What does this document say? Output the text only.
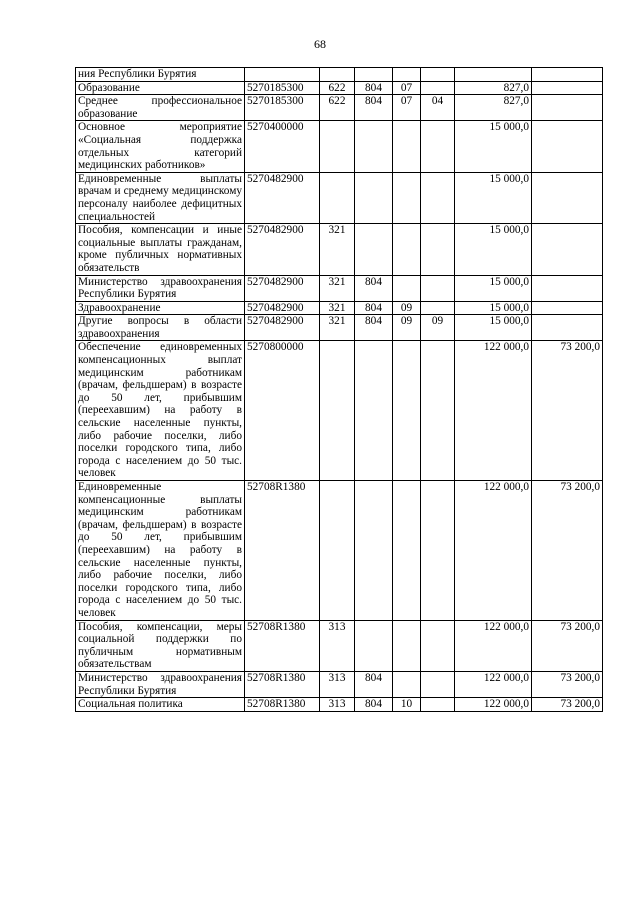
68
ния Республики Бурятия							
Образование	5270185300	622	804	07		827,0	
Среднее профессиональное образование	5270185300	622	804	07	04	827,0	
Основное мероприятие «Социальная поддержка отдельных категорий медицинских работников»	5270400000					15 000,0	
Единовременные выплаты врачам и среднему медицинскому персоналу наиболее дефицитных специальностей	5270482900					15 000,0	
Пособия, компенсации и иные социальные выплаты гражданам, кроме публичных нормативных обязательств	5270482900	321				15 000,0	
Министерство здравоохранения Республики Бурятия	5270482900	321	804			15 000,0	
Здравоохранение	5270482900	321	804	09		15 000,0	
Другие вопросы в области здравоохранения	5270482900	321	804	09	09	15 000,0	
Обеспечение единовременных компенсационных выплат медицинским работникам (врачам, фельдшерам) в возрасте до 50 лет, прибывшим (переехавшим) на работу в сельские населенные пункты, либо рабочие поселки, либо поселки городского типа, либо города с населением до 50 тыс. человек	5270800000					122 000,0	73 200,0
Единовременные компенсационные выплаты медицинским работникам (врачам, фельдшерам) в возрасте до 50 лет, прибывшим (переехавшим) на работу в сельские населенные пункты, либо рабочие поселки, либо поселки городского типа, либо города с населением до 50 тыс. человек	52708R1380					122 000,0	73 200,0
Пособия, компенсации, меры социальной поддержки по публичным нормативным обязательствам	52708R1380	313				122 000,0	73 200,0
Министерство здравоохранения Республики Бурятия	52708R1380	313	804			122 000,0	73 200,0
Социальная политика	52708R1380	313	804	10		122 000,0	73 200,0
